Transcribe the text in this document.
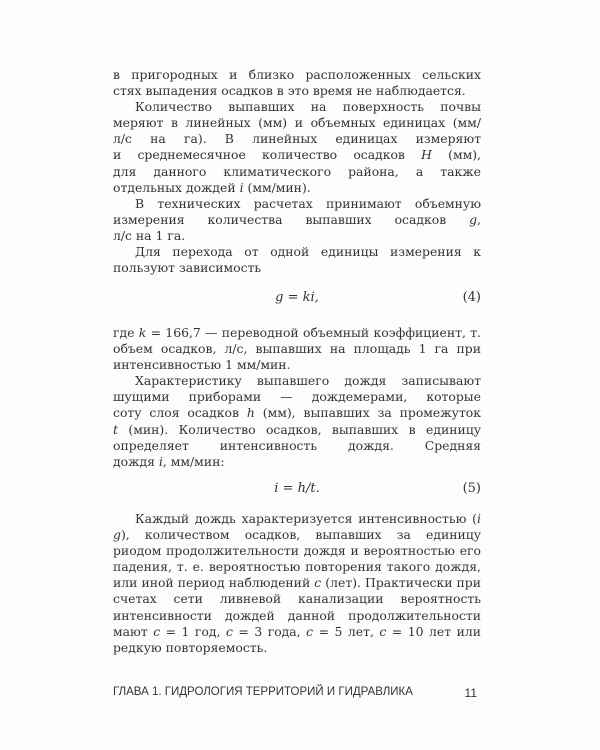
в пригородных и близко расположенных сельских
стях выпадения осадков в это время не наблюдается.
Количество выпавших на поверхность почвы
меряют в линейных (мм) и объемных единицах (мм/
л/с на га). В линейных единицах измеряют
и среднемесячное количество осадков H (мм),
для данного климатического района, а также
отдельных дождей i (мм/мин).
В технических расчетах принимают объемную
измерения количества выпавших осадков g,
л/с на 1 га.
Для перехода от одной единицы измерения к
пользуют зависимость
g = ki,	(4)
где k = 166,7 — переводной объемный коэффициент, т.
объем осадков, л/с, выпавших на площадь 1 га при
интенсивностью 1 мм/мин.
Характеристику выпавшего дождя записывают
шущими приборами — дождемерами, которые
соту слоя осадков h (мм), выпавших за промежуток
t (мин). Количество осадков, выпавших в единицу
определяет интенсивность дождя. Средняя
дождя i, мм/мин:
i = h/t.	(5)
Каждый дождь характеризуется интенсивностью (i
g), количеством осадков, выпавших за единицу
риодом продолжительности дождя и вероятностью его
падения, т. е. вероятностью повторения такого дождя,
или иной период наблюдений c (лет). Практически при
счетах сети ливневой канализации вероятность
интенсивности дождей данной продолжительности
мают c = 1 год, c = 3 года, c = 5 лет, c = 10 лет или
редкую повторяемость.
ГЛАВА 1. ГИДРОЛОГИЯ ТЕРРИТОРИЙ И ГИДРАВЛИКА	11
